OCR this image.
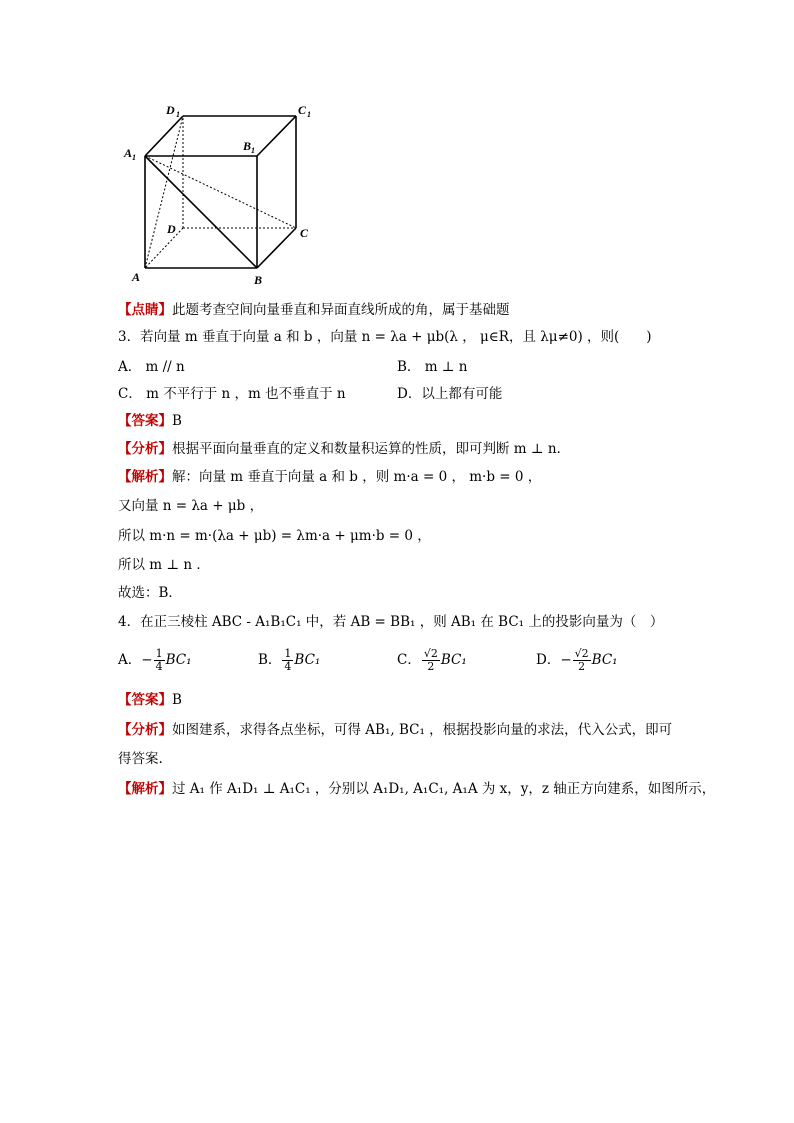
D 1	C 1
A 1
B 1
D	C
A	B
【点睛】此题考查空间向量垂直和异面直线所成的角，属于基础题
3．若向量 m 垂直于向量 a 和 b ，向量 n = λa + μb(λ ， μ∈R，且 λμ≠0) ，则(　　)
A． m // n	B． m ⊥ n
C． m 不平行于 n ，m 也不垂直于 n	D．以上都有可能
【答案】B
【分析】根据平面向量垂直的定义和数量积运算的性质，即可判断 m ⊥ n．
【解析】解：向量 m 垂直于向量 a 和 b ，则 m·a = 0 ， m·b = 0 ，
又向量 n = λa + μb ，
所以 m·n = m·(λa + μb) = λm·a + μm·b = 0 ，
所以 m ⊥ n ．
故选：B．
4．在正三棱柱 ABC - A₁B₁C₁ 中，若 AB = BB₁ ，则 AB₁ 在 BC₁ 上的投影向量为（　）
A．− $\frac{1}{4} BC_1$	B． $\frac{1}{4} BC_1$	C． $\frac{√2}{2} BC_1$	D．− $\frac{√2}{2} BC_1$
【答案】B
【分析】如图建系，求得各点坐标，可得 AB₁, BC₁ ，根据投影向量的求法，代入公式，即可
得答案.
【解析】过 A₁ 作 A₁D₁ ⊥ A₁C₁ ，分别以 A₁D₁, A₁C₁, A₁A 为 x，y，z 轴正方向建系，如图所示，
